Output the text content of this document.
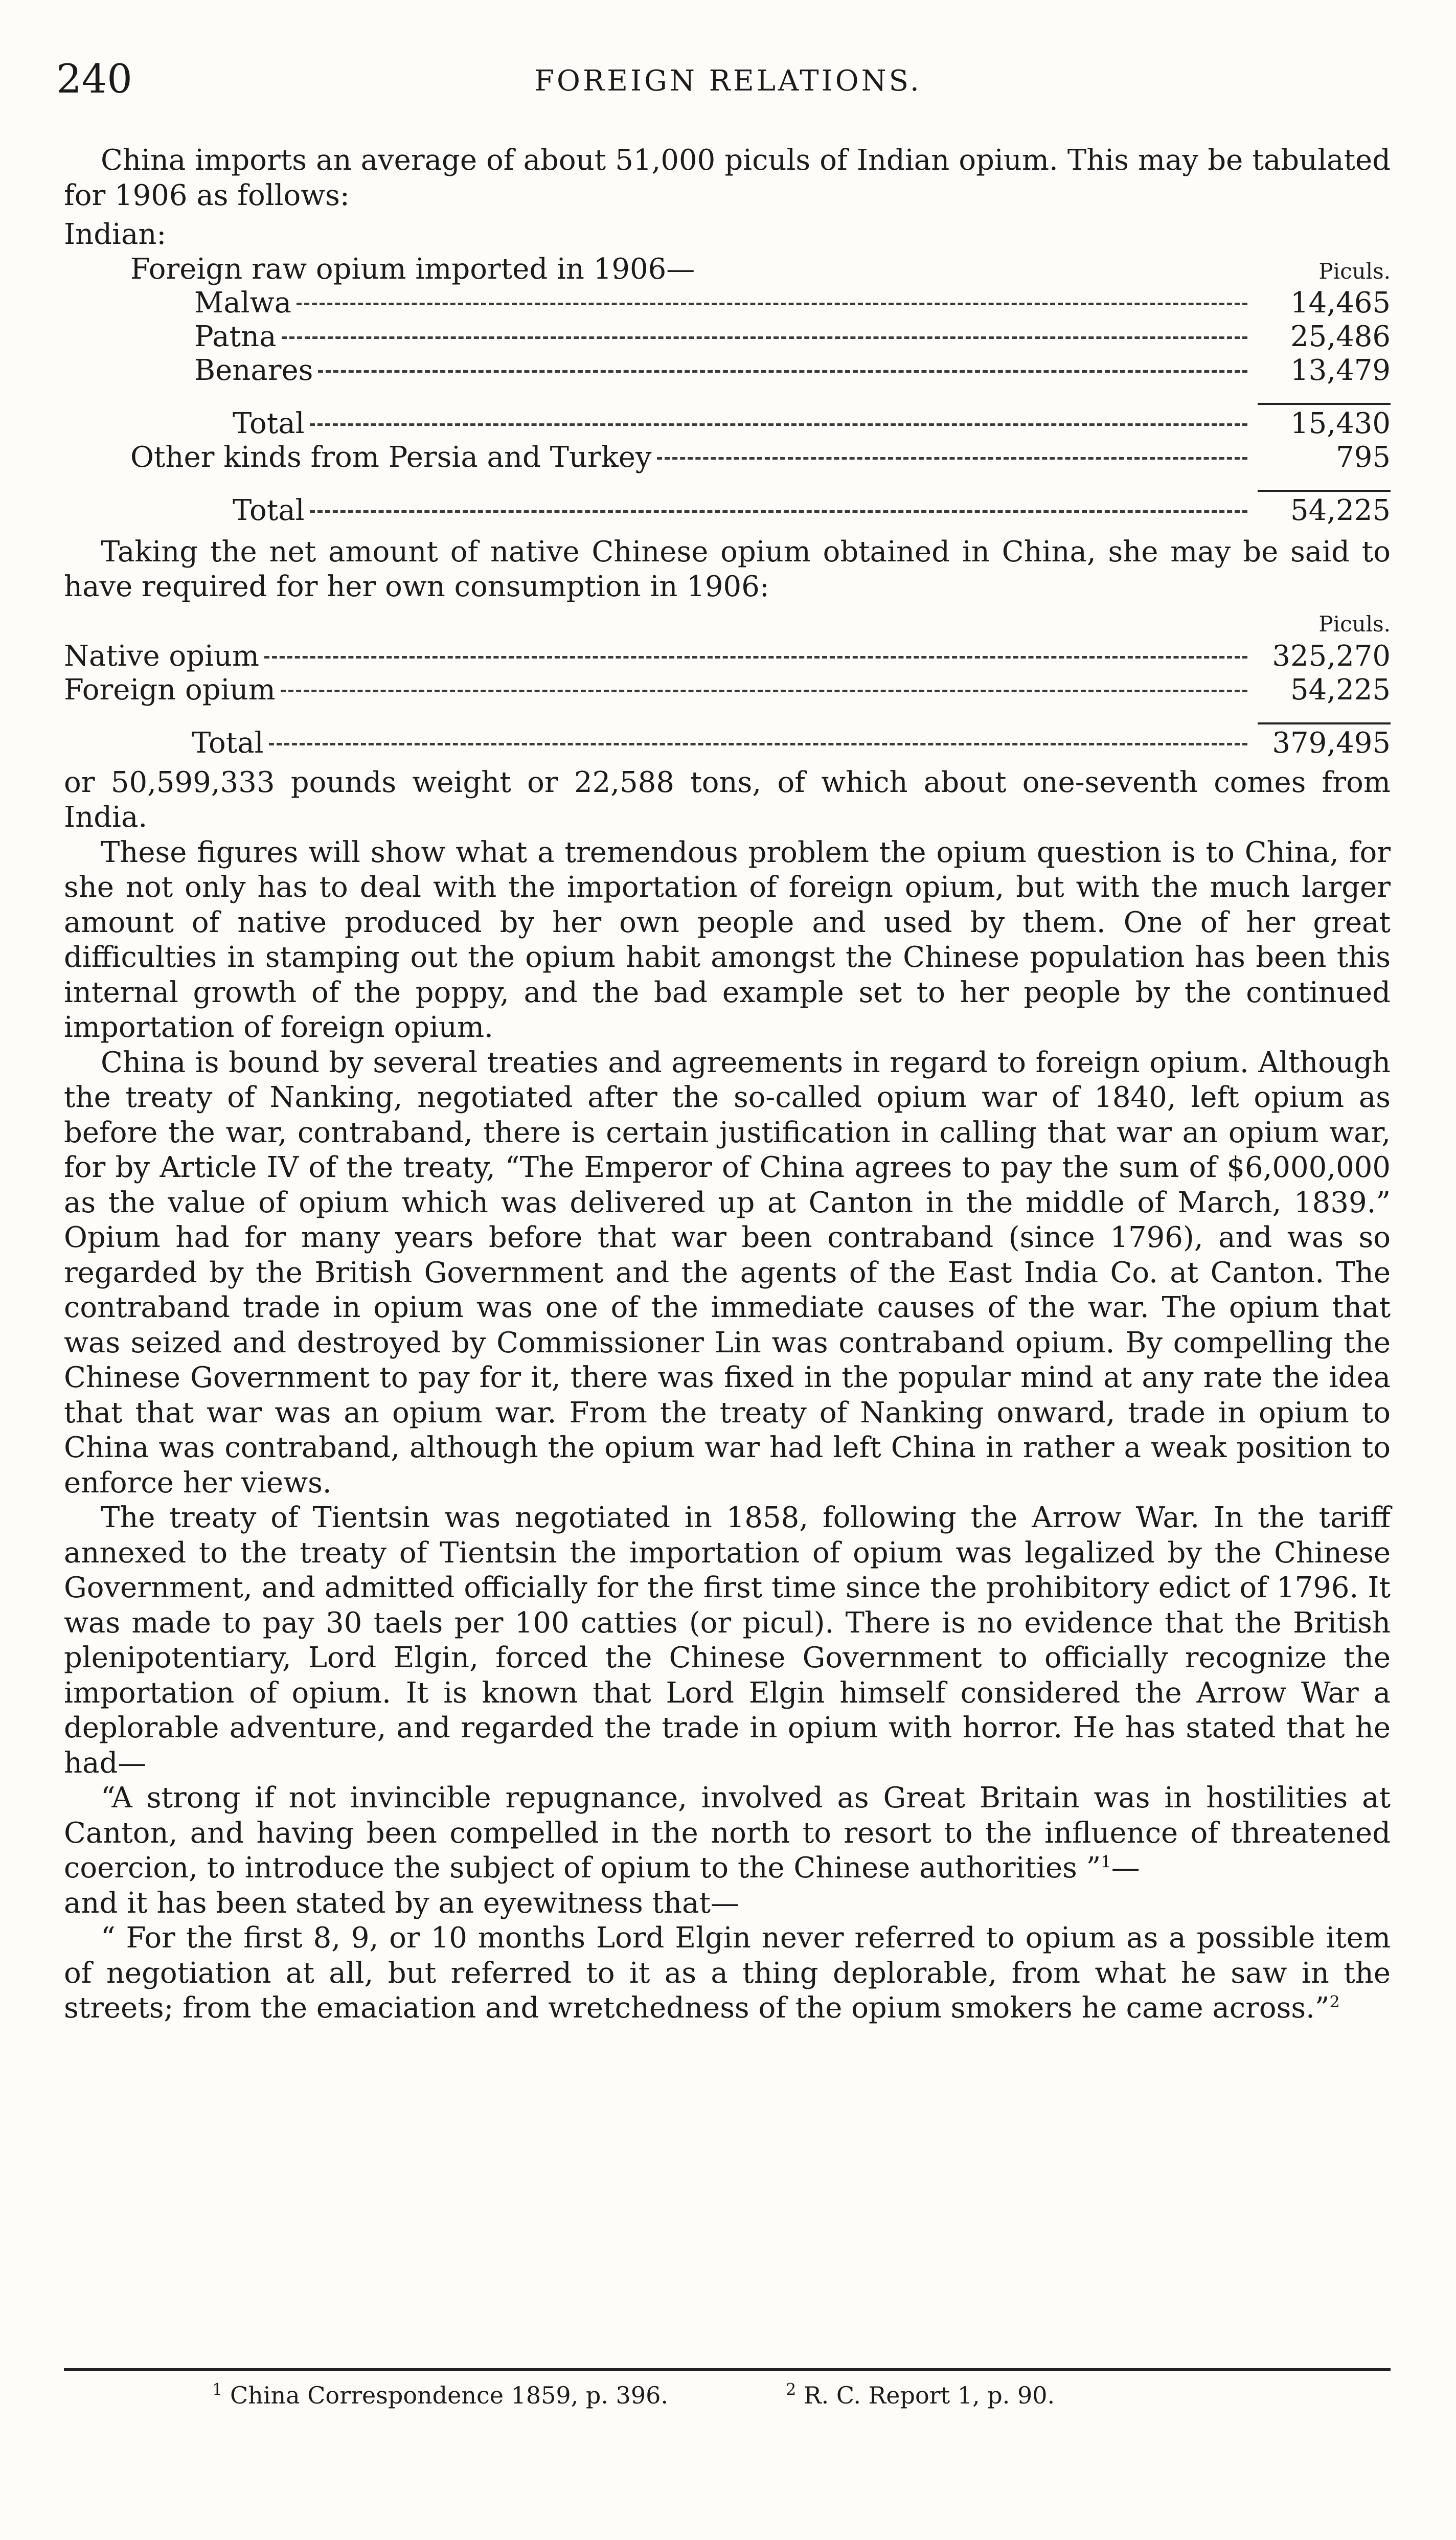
240	FOREIGN RELATIONS.

China imports an average of about 51,000 piculs of Indian opium. This may be tabulated for 1906 as follows:

Indian:
Foreign raw opium imported in 1906—	Piculs.
Malwa	14,465
Patna	25,486
Benares	13,479
Total	15,430
Other kinds from Persia and Turkey	795
Total	54,225

Taking the net amount of native Chinese opium obtained in China, she may be said to have required for her own consumption in 1906:

Piculs.
Native opium	325,270
Foreign opium	54,225
Total	379,495

or 50,599,333 pounds weight or 22,588 tons, of which about one-seventh comes from India.

These figures will show what a tremendous problem the opium question is to China, for she not only has to deal with the importation of foreign opium, but with the much larger amount of native produced by her own people and used by them. One of her great difficulties in stamping out the opium habit amongst the Chinese population has been this internal growth of the poppy, and the bad example set to her people by the continued importation of foreign opium.

China is bound by several treaties and agreements in regard to foreign opium. Although the treaty of Nanking, negotiated after the so-called opium war of 1840, left opium as before the war, contraband, there is certain justification in calling that war an opium war, for by Article IV of the treaty, “The Emperor of China agrees to pay the sum of $6,000,000 as the value of opium which was delivered up at Canton in the middle of March, 1839.” Opium had for many years before that war been contraband (since 1796), and was so regarded by the British Government and the agents of the East India Co. at Canton. The contraband trade in opium was one of the immediate causes of the war. The opium that was seized and destroyed by Commissioner Lin was contraband opium. By compelling the Chinese Government to pay for it, there was fixed in the popular mind at any rate the idea that that war was an opium war. From the treaty of Nanking onward, trade in opium to China was contraband, although the opium war had left China in rather a weak position to enforce her views.

The treaty of Tientsin was negotiated in 1858, following the Arrow War. In the tariff annexed to the treaty of Tientsin the importation of opium was legalized by the Chinese Government, and admitted officially for the first time since the prohibitory edict of 1796. It was made to pay 30 taels per 100 catties (or picul). There is no evidence that the British plenipotentiary, Lord Elgin, forced the Chinese Government to officially recognize the importation of opium. It is known that Lord Elgin himself considered the Arrow War a deplorable adventure, and regarded the trade in opium with horror. He has stated that he had—

“A strong if not invincible repugnance, involved as Great Britain was in hostilities at Canton, and having been compelled in the north to resort to the influence of threatened coercion, to introduce the subject of opium to the Chinese authorities ”$^1$—

and it has been stated by an eyewitness that—

“ For the first 8, 9, or 10 months Lord Elgin never referred to opium as a possible item of negotiation at all, but referred to it as a thing deplorable, from what he saw in the streets; from the emaciation and wretchedness of the opium smokers he came across.”$^2$

$^1$ China Correspondence 1859, p. 396.	$^2$ R. C. Report 1, p. 90.
